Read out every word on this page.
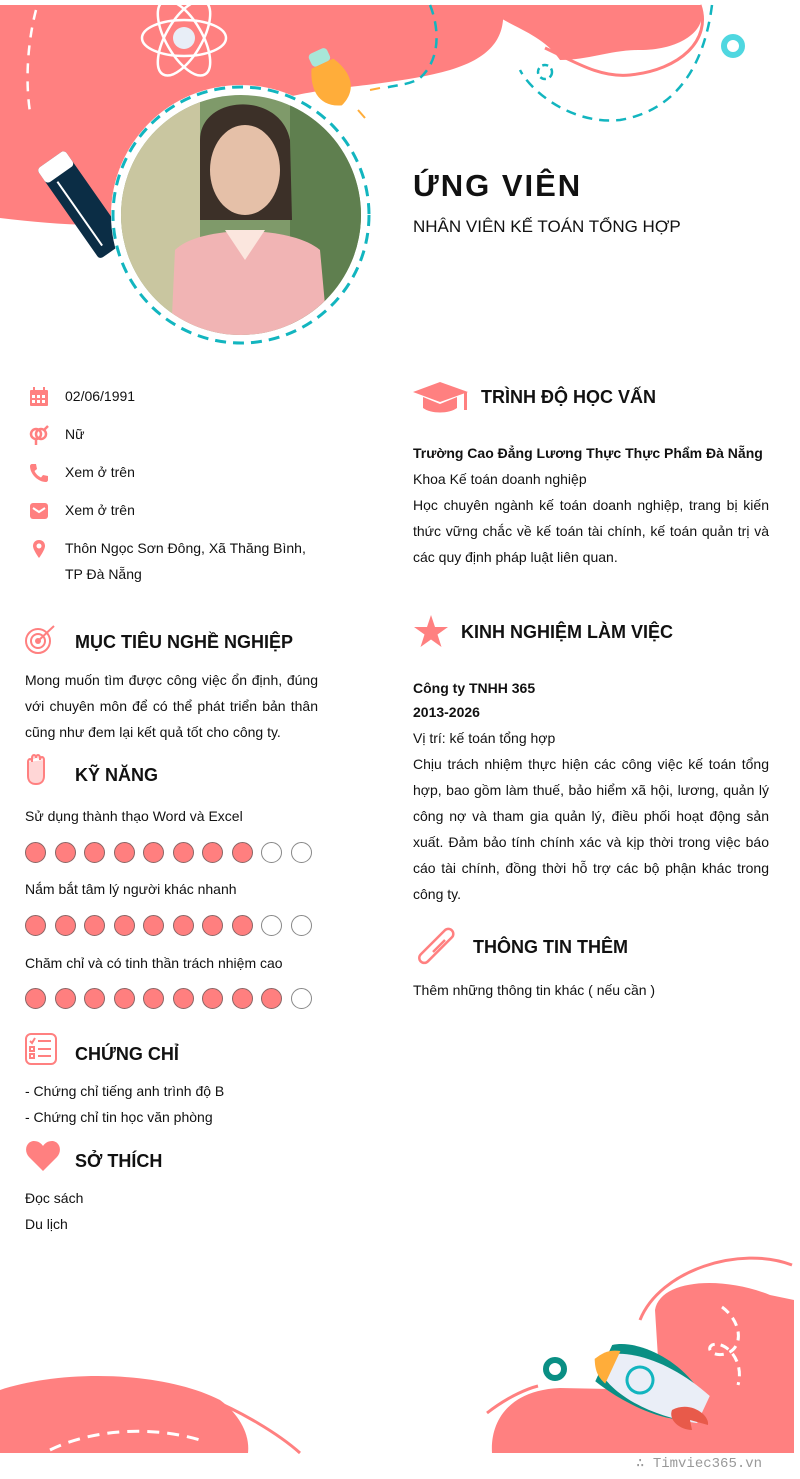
ỨNG VIÊN
NHÂN VIÊN KẾ TOÁN TỔNG HỢP
02/06/1991
Nữ
Xem ở trên
Xem ở trên
Thôn Ngọc Sơn Đông, Xã Thăng Bình, TP Đà Nẵng
MỤC TIÊU NGHỀ NGHIỆP
Mong muốn tìm được công việc ổn định, đúng với chuyên môn để có thể phát triển bản thân cũng như đem lại kết quả tốt cho công ty.
KỸ NĂNG
Sử dụng thành thạo Word và Excel
Nắm bắt tâm lý người khác nhanh
Chăm chỉ và có tinh thần trách nhiệm cao
CHỨNG CHỈ
- Chứng chỉ tiếng anh trình độ B
- Chứng chỉ tin học văn phòng
SỞ THÍCH
Đọc sách
Du lịch
TRÌNH ĐỘ HỌC VẤN
Trường Cao Đẳng Lương Thực Thực Phẩm Đà Nẵng
Khoa Kế toán doanh nghiệp
Học chuyên ngành kế toán doanh nghiệp, trang bị kiến thức vững chắc về kế toán tài chính, kế toán quản trị và các quy định pháp luật liên quan.
KINH NGHIỆM LÀM VIỆC
Công ty TNHH 365
2013-2026
Vị trí: kế toán tổng hợp
Chịu trách nhiệm thực hiện các công việc kế toán tổng hợp, bao gồm làm thuế, bảo hiểm xã hội, lương, quản lý công nợ và tham gia quản lý, điều phối hoạt động sản xuất. Đảm bảo tính chính xác và kịp thời trong việc báo cáo tài chính, đồng thời hỗ trợ các bộ phận khác trong công ty.
THÔNG TIN THÊM
Thêm những thông tin khác ( nếu cần )
∴ Timviec365.vn
